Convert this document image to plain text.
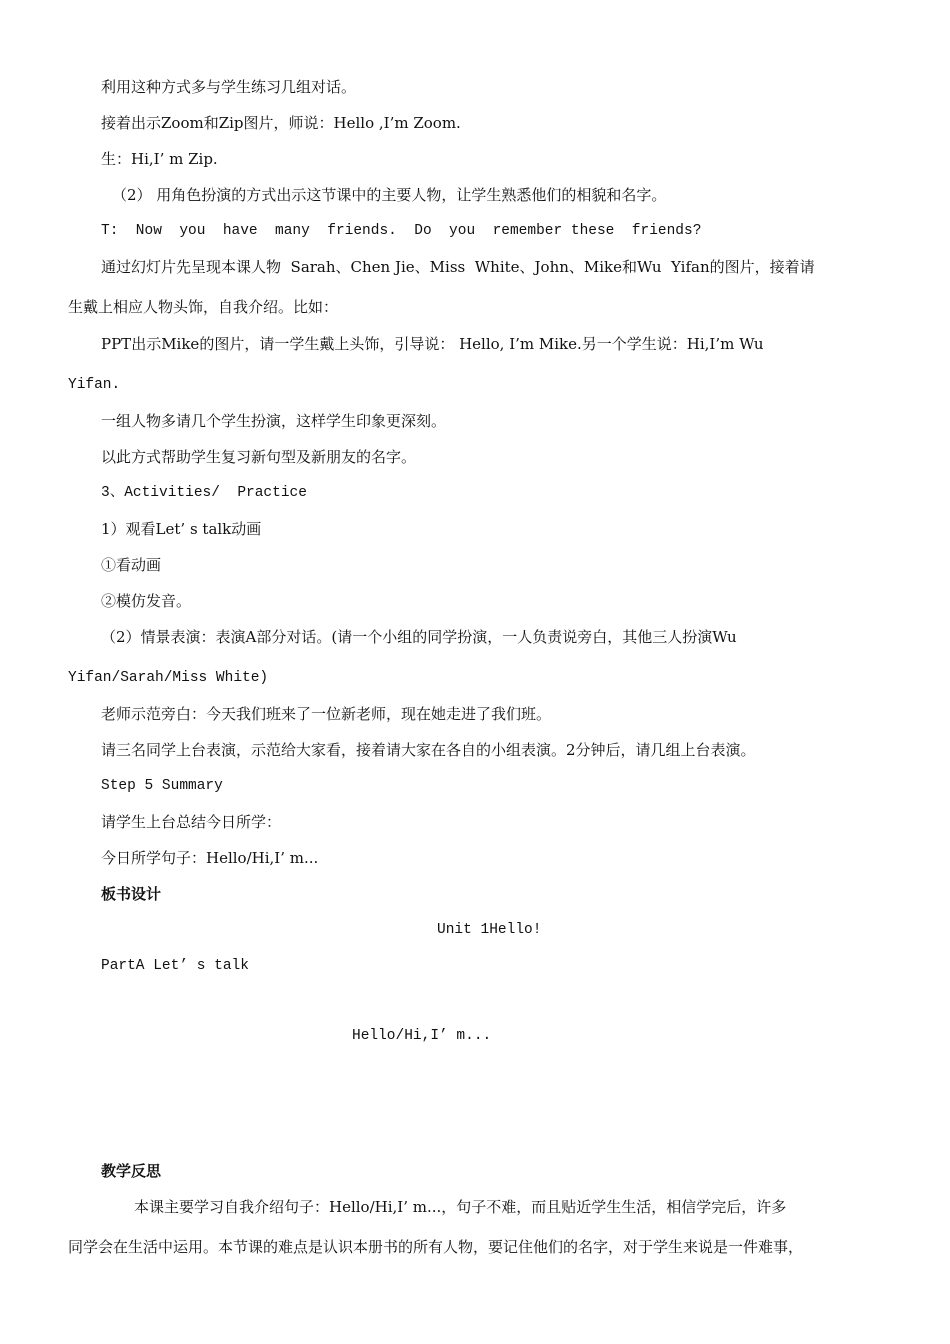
利用这种方式多与学生练习几组对话。

接着出示Zoom和Zip图片，师说：Hello ,I’m Zoom.

生：Hi,I’ m Zip.

（2） 用角色扮演的方式出示这节课中的主要人物，让学生熟悉他们的相貌和名字。

T:  Now  you  have  many  friends.  Do  you  remember these  friends?

通过幻灯片先呈现本课人物  Sarah、Chen Jie、Miss  White、John、Mike和Wu  Yifan的图片，接着请

生戴上相应人物头饰，自我介绍。比如：

PPT出示Mike的图片，请一学生戴上头饰，引导说： Hello, I’m Mike.另一个学生说：Hi,I’m Wu

Yifan.

一组人物多请几个学生扮演，这样学生印象更深刻。

以此方式帮助学生复习新句型及新朋友的名字。

3、Activities/  Practice

1）观看Let’ s talk动画

①看动画

②模仿发音。

（2）情景表演：表演A部分对话。(请一个小组的同学扮演，一人负责说旁白，其他三人扮演Wu

Yifan/Sarah/Miss White)

老师示范旁白：今天我们班来了一位新老师，现在她走进了我们班。

请三名同学上台表演，示范给大家看，接着请大家在各自的小组表演。2分钟后，请几组上台表演。

Step 5 Summary

请学生上台总结今日所学：

今日所学句子：Hello/Hi,I’ m...

板书设计

Unit 1Hello!

PartA Let’ s talk

Hello/Hi,I’ m...

教学反思

本课主要学习自我介绍句子：Hello/Hi,I’ m...，句子不难，而且贴近学生生活，相信学完后，许多

同学会在生活中运用。本节课的难点是认识本册书的所有人物，要记住他们的名字，对于学生来说是一件难事，
